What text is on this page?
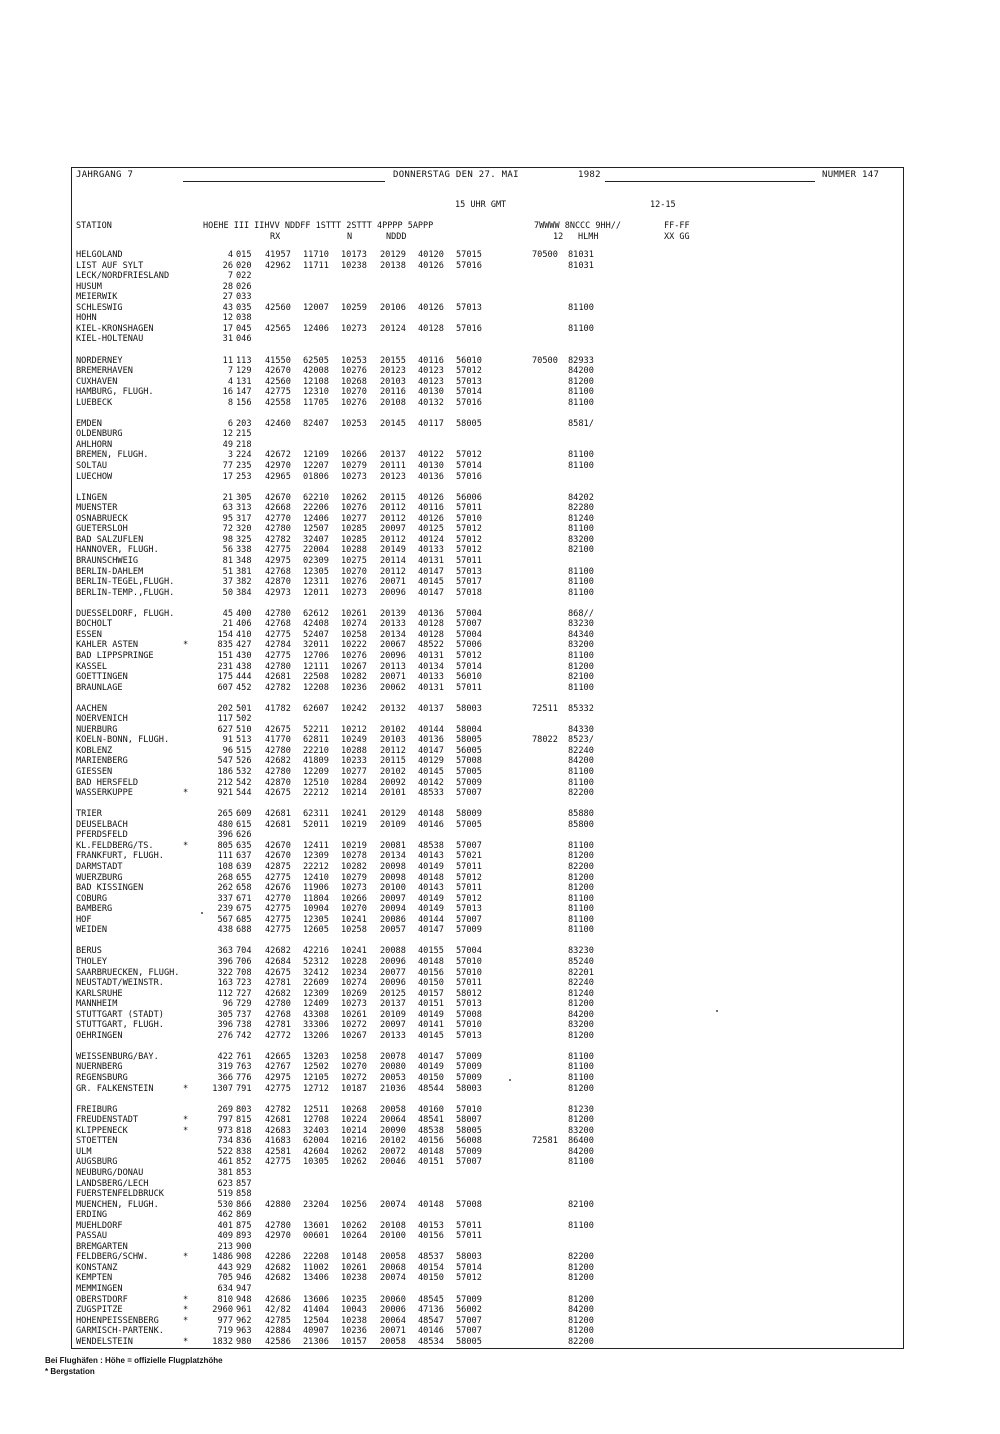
JAHRGANG 7	DONNERSTAG DEN 27. MAI	1982	NUMMER 147
15 UHR GMT	12-15
STATION	HOEHE III IIHVV NDDFF 1STTT 2STTT 4PPPP 5APPP	7WWWW 8NCCC 9HH//	FF-FF
RX	N	NDDD	12 HLMH	XX GG
HELGOLAND	4 015 41957 11710 10173 20129 40120 57015	70500 81031
LIST AUF SYLT	26 020 42962 11711 10238 20138 40126 57016	81031
LECK/NORDFRIESLAND	7 022
HUSUM	28 026
MEIERWIK	27 033
SCHLESWIG	43 035 42560 12007 10259 20106 40126 57013	81100
HOHN	12 038
KIEL-KRONSHAGEN	17 045 42565 12406 10273 20124 40128 57016	81100
KIEL-HOLTENAU	31 046
NORDERNEY	11 113 41550 62505 10253 20155 40116 56010	70500 82933
BREMERHAVEN	7 129 42670 42008 10276 20123 40123 57012	84200
CUXHAVEN	4 131 42560 12108 10268 20103 40123 57013	81200
HAMBURG, FLUGH.	16 147 42775 12310 10270 20116 40130 57014	81100
LUEBECK	8 156 42558 11705 10276 20108 40132 57016	81100
EMDEN	6 203 42460 82407 10253 20145 40117 58005	8581/
OLDENBURG	12 215
AHLHORN	49 218
BREMEN, FLUGH.	3 224 42672 12109 10266 20137 40122 57012	81100
SOLTAU	77 235 42970 12207 10279 20111 40130 57014	81100
LUECHOW	17 253 42965 01806 10273 20123 40136 57016
LINGEN	21 305 42670 62210 10262 20115 40126 56006	84202
MUENSTER	63 313 42668 22206 10276 20112 40116 57011	82280
OSNABRUECK	95 317 42770 12406 10277 20112 40126 57010	81240
GUETERSLOH	72 320 42780 12507 10285 20097 40125 57012	81100
BAD SALZUFLEN	98 325 42782 32407 10285 20112 40124 57012	83200
HANNOVER, FLUGH.	56 338 42775 22004 10288 20149 40133 57012	82100
BRAUNSCHWEIG	81 348 42975 02309 10275 20114 40131 57011
BERLIN-DAHLEM	51 381 42768 12305 10270 20112 40147 57013	81100
BERLIN-TEGEL,FLUGH.	37 382 42870 12311 10276 20071 40145 57017	81100
BERLIN-TEMP.,FLUGH.	50 384 42973 12011 10273 20096 40147 57018	81100
DUESSELDORF, FLUGH.	45 400 42780 62612 10261 20139 40136 57004	868//
BOCHOLT	21 406 42768 42408 10274 20133 40128 57007	83230
ESSEN	154 410 42775 52407 10258 20134 40128 57004	84340
KAHLER ASTEN	*	835 427 42784 32011 10222 20067 48522 57006	83200
BAD LIPPSPRINGE	151 430 42775 12706 10276 20096 40131 57012	81100
KASSEL	231 438 42780 12111 10267 20113 40134 57014	81200
GOETTINGEN	175 444 42681 22508 10282 20071 40133 56010	82100
BRAUNLAGE	607 452 42782 12208 10236 20062 40131 57011	81100
AACHEN	202 501 41782 62607 10242 20132 40137 58003	72511 85332
NOERVENICH	117 502
NUERBURG	627 510 42675 52211 10212 20102 40144 58004	84330
KOELN-BONN, FLUGH.	91 513 41770 62811 10249 20103 40136 58005	78022 8523/
KOBLENZ	96 515 42780 22210 10288 20112 40147 56005	82240
MARIENBERG	547 526 42682 41809 10233 20115 40129 57008	84200
GIESSEN	186 532 42780 12209 10277 20102 40145 57005	81100
BAD HERSFELD	212 542 42870 12510 10284 20092 40142 57009	81100
WASSERKUPPE	*	921 544 42675 22212 10214 20101 48533 57007	82200
TRIER	265 609 42681 62311 10241 20129 40148 58009	85880
DEUSELBACH	480 615 42681 52011 10219 20109 40146 57005	85800
PFERDSFELD	396 626
KL.FELDBERG/TS.	*	805 635 42670 12411 10219 20081 48538 57007	81100
FRANKFURT, FLUGH.	111 637 42670 12309 10278 20134 40143 57021	81200
DARMSTADT	108 639 42875 22212 10282 20098 40149 57011	82200
WUERZBURG	268 655 42775 12410 10279 20098 40148 57012	81200
BAD KISSINGEN	262 658 42676 11906 10273 20100 40143 57011	81200
COBURG	337 671 42770 11804 10266 20097 40149 57012	81100
BAMBERG	239 675 42775 10904 10270 20094 40149 57013	81100
HOF	567 685 42775 12305 10241 20086 40144 57007	81100
WEIDEN	438 688 42775 12605 10258 20057 40147 57009	81100
BERUS	363 704 42682 42216 10241 20088 40155 57004	83230
THOLEY	396 706 42684 52312 10228 20096 40148 57010	85240
SAARBRUECKEN, FLUGH.	322 708 42675 32412 10234 20077 40156 57010	82201
NEUSTADT/WEINSTR.	163 723 42781 22609 10274 20096 40150 57011	82240
KARLSRUHE	112 727 42682 12309 10269 20125 40157 58012	81240
MANNHEIM	96 729 42780 12409 10273 20137 40151 57013	81200
STUTTGART (STADT)	305 737 42768 43308 10261 20109 40149 57008	84200
STUTTGART, FLUGH.	396 738 42781 33306 10272 20097 40141 57010	83200
OEHRINGEN	276 742 42772 13206 10267 20133 40145 57013	81200
WEISSENBURG/BAY.	422 761 42665 13203 10258 20078 40147 57009	81100
NUERNBERG	319 763 42767 12502 10270 20080 40149 57009	81100
REGENSBURG	366 776 42975 12105 10272 20053 40150 57009	81100
GR. FALKENSTEIN	*	1307 791 42775 12712 10187 21036 48544 58003	81200
FREIBURG	269 803 42782 12511 10268 20058 40160 57010	81230
FREUDENSTADT	*	797 815 42681 12708 10224 20064 48541 58007	81200
KLIPPENECK	*	973 818 42683 32403 10214 20090 48538 58005	83200
STOETTEN	734 836 41683 62004 10216 20102 40156 56008	72581 86400
ULM	522 838 42581 42604 10262 20072 40148 57009	84200
AUGSBURG	461 852 42775 10305 10262 20046 40151 57007	81100
NEUBURG/DONAU	381 853
LANDSBERG/LECH	623 857
FUERSTENFELDBRUCK	519 858
MUENCHEN, FLUGH.	530 866 42880 23204 10256 20074 40148 57008	82100
ERDING	462 869
MUEHLDORF	401 875 42780 13601 10262 20108 40153 57011	81100
PASSAU	409 893 42970 00601 10264 20100 40156 57011
BREMGARTEN	213 900
FELDBERG/SCHW.	*	1486 908 42286 22208 10148 20058 48537 58003	82200
KONSTANZ	443 929 42682 11002 10261 20068 40154 57014	81200
KEMPTEN	705 946 42682 13406 10238 20074 40150 57012	81200
MEMMINGEN	634 947
OBERSTDORF	*	810 948 42686 13606 10235 20060 48545 57009	81200
ZUGSPITZE	*	2960 961 42/82 41404 10043 20006 47136 56002	84200
HOHENPEISSENBERG	*	977 962 42785 12504 10238 20064 48547 57007	81200
GARMISCH-PARTENK.	719 963 42884 40907 10236 20071 40146 57007	81200
WENDELSTEIN	*	1832 980 42586 21306 10157 20058 48534 58005	82200
Bei Flughäfen : Höhe = offizielle Flugplatzhöhe
* Bergstation
